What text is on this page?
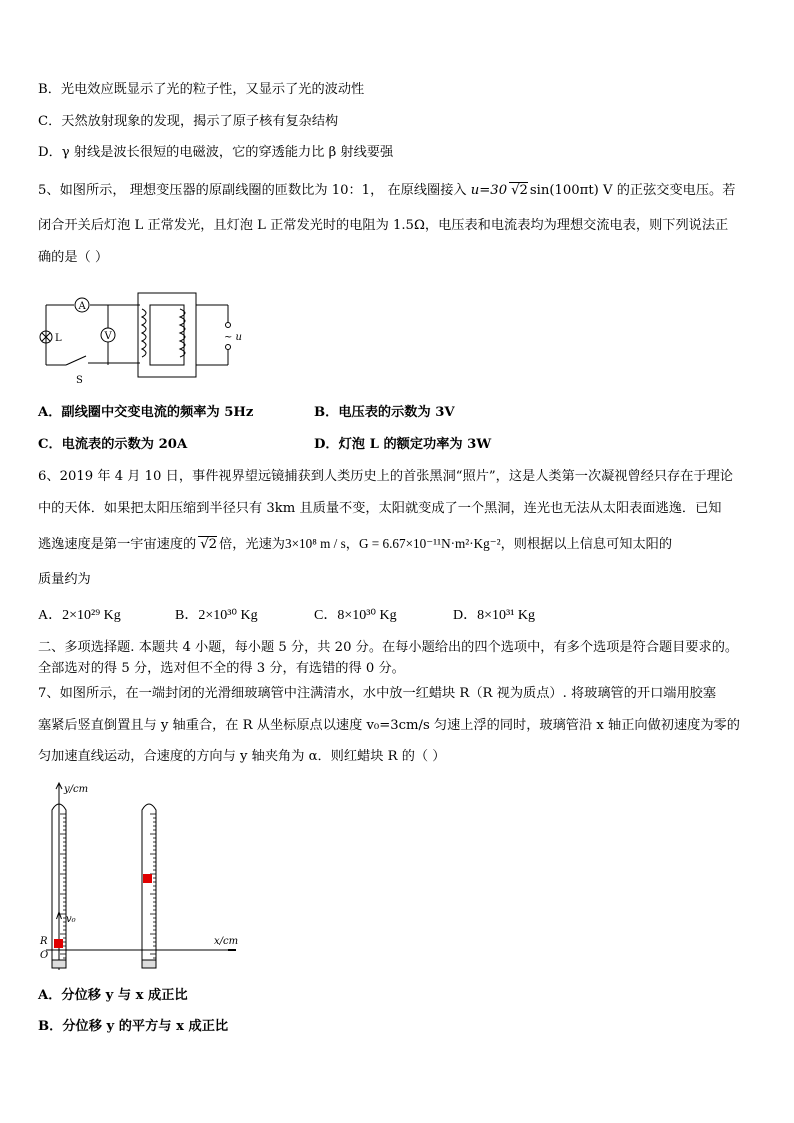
B．光电效应既显示了光的粒子性，又显示了光的波动性
C．天然放射现象的发现，揭示了原子核有复杂结构
D．γ 射线是波长很短的电磁波，它的穿透能力比 β 射线要强
5、如图所示， 理想变压器的原副线圈的匝数比为 10：1， 在原线圈接入 u=30 √2 sin(100πt) V 的正弦交变电压。若
闭合开关后灯泡 L 正常发光，且灯泡 L 正常发光时的电阻为 1.5Ω，电压表和电流表均为理想交流电表，则下列说法正
确的是（ ）
A
V
L
S
~ u
A．副线圈中交变电流的频率为 5Hz	B．电压表的示数为 3V
C．电流表的示数为 20A	D．灯泡 L 的额定功率为 3W
6、2019 年 4 月 10 日，事件视界望远镜捕获到人类历史上的首张黑洞“照片”，这是人类第一次凝视曾经只存在于理论
中的天体．如果把太阳压缩到半径只有 3km 且质量不变，太阳就变成了一个黑洞，连光也无法从太阳表面逃逸．已知
逃逸速度是第一宇宙速度的 √2 倍，光速为3×10⁸ m / s，G = 6.67×10⁻¹¹N·m²·Kg⁻²，则根据以上信息可知太阳的
质量约为
A．2×10²⁹ Kg	B．2×10³⁰ Kg	C．8×10³⁰ Kg	D．8×10³¹ Kg
二、多项选择题. 本题共 4 小题，每小题 5 分，共 20 分。在每小题给出的四个选项中，有多个选项是符合题目要求的。
全部选对的得 5 分，选对但不全的得 3 分，有选错的得 0 分。
7、如图所示，在一端封闭的光滑细玻璃管中注满清水，水中放一红蜡块 R（R 视为质点）. 将玻璃管的开口端用胶塞
塞紧后竖直倒置且与 y 轴重合，在 R 从坐标原点以速度 v₀=3cm/s 匀速上浮的同时，玻璃管沿 x 轴正向做初速度为零的
匀加速直线运动，合速度的方向与 y 轴夹角为 α．则红蜡块 R 的（ ）
y/cm
x/cm
v₀
R
O
A．分位移 y 与 x 成正比
B．分位移 y 的平方与 x 成正比
